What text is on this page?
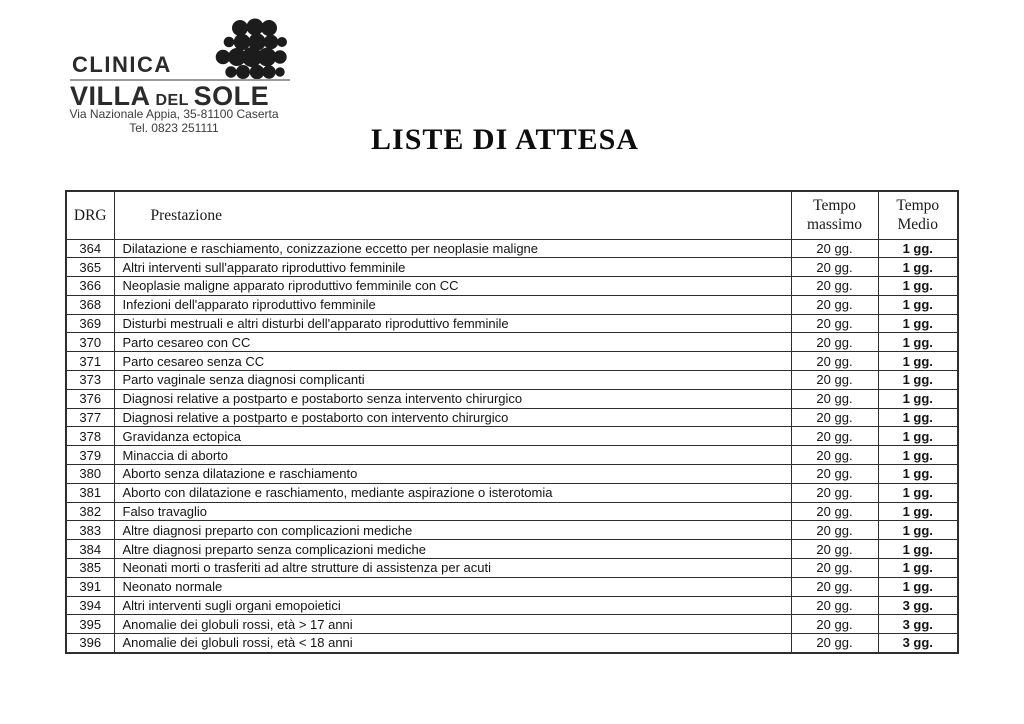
CLINICA
VILLA DEL SOLE
Via Nazionale Appia, 35-81100 Caserta
Tel. 0823 251111	LISTE DI ATTESA
DRG	Prestazione	Tempo massimo	Tempo Medio
364	Dilatazione e raschiamento, conizzazione eccetto per neoplasie maligne	20 gg.	1 gg.
365	Altri interventi sull'apparato riproduttivo femminile	20 gg.	1 gg.
366	Neoplasie maligne apparato riproduttivo femminile con CC	20 gg.	1 gg.
368	Infezioni dell'apparato riproduttivo femminile	20 gg.	1 gg.
369	Disturbi mestruali e altri disturbi dell'apparato riproduttivo femminile	20 gg.	1 gg.
370	Parto cesareo con CC	20 gg.	1 gg.
371	Parto cesareo senza CC	20 gg.	1 gg.
373	Parto vaginale senza diagnosi complicanti	20 gg.	1 gg.
376	Diagnosi relative a postparto e postaborto senza intervento chirurgico	20 gg.	1 gg.
377	Diagnosi relative a postparto e postaborto con intervento chirurgico	20 gg.	1 gg.
378	Gravidanza ectopica	20 gg.	1 gg.
379	Minaccia di aborto	20 gg.	1 gg.
380	Aborto senza dilatazione e raschiamento	20 gg.	1 gg.
381	Aborto con dilatazione e raschiamento, mediante aspirazione o isterotomia	20 gg.	1 gg.
382	Falso travaglio	20 gg.	1 gg.
383	Altre diagnosi preparto con complicazioni mediche	20 gg.	1 gg.
384	Altre diagnosi preparto senza complicazioni mediche	20 gg.	1 gg.
385	Neonati morti o trasferiti ad altre strutture di assistenza per acuti	20 gg.	1 gg.
391	Neonato normale	20 gg.	1 gg.
394	Altri interventi sugli organi emopoietici	20 gg.	3 gg.
395	Anomalie dei globuli rossi, età > 17 anni	20 gg.	3 gg.
396	Anomalie dei globuli rossi, età < 18 anni	20 gg.	3 gg.
